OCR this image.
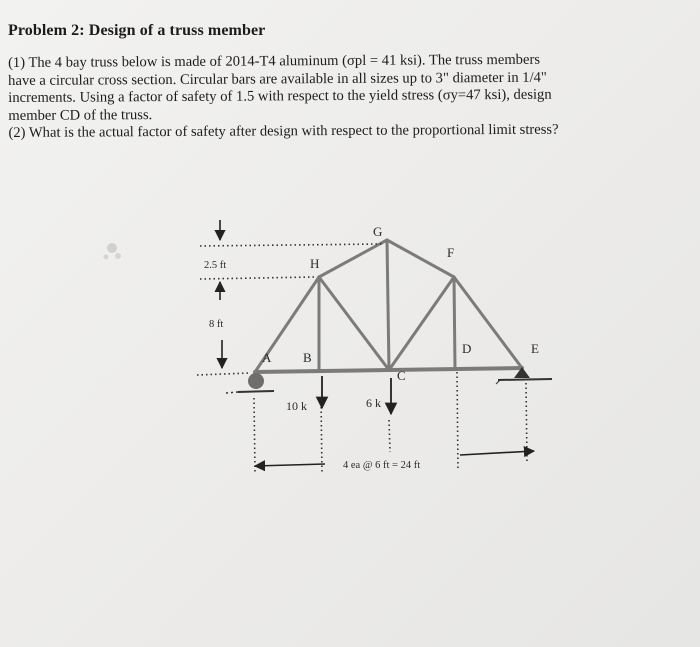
Problem 2: Design of a truss member

(1) The 4 bay truss below is made of 2014-T4 aluminum (σpl = 41 ksi). The truss members

have a circular cross section. Circular bars are available in all sizes up to 3" diameter in 1/4"

increments. Using a factor of safety of 1.5 with respect to the yield stress (σy=47 ksi), design

member CD of the truss.

(2) What is the actual factor of safety after design with respect to the proportional limit stress?

G
H
F
A B
C
D	E
2.5 ft
8 ft
4 ea @ 6 ft = 24 ft
10 k	6 k
